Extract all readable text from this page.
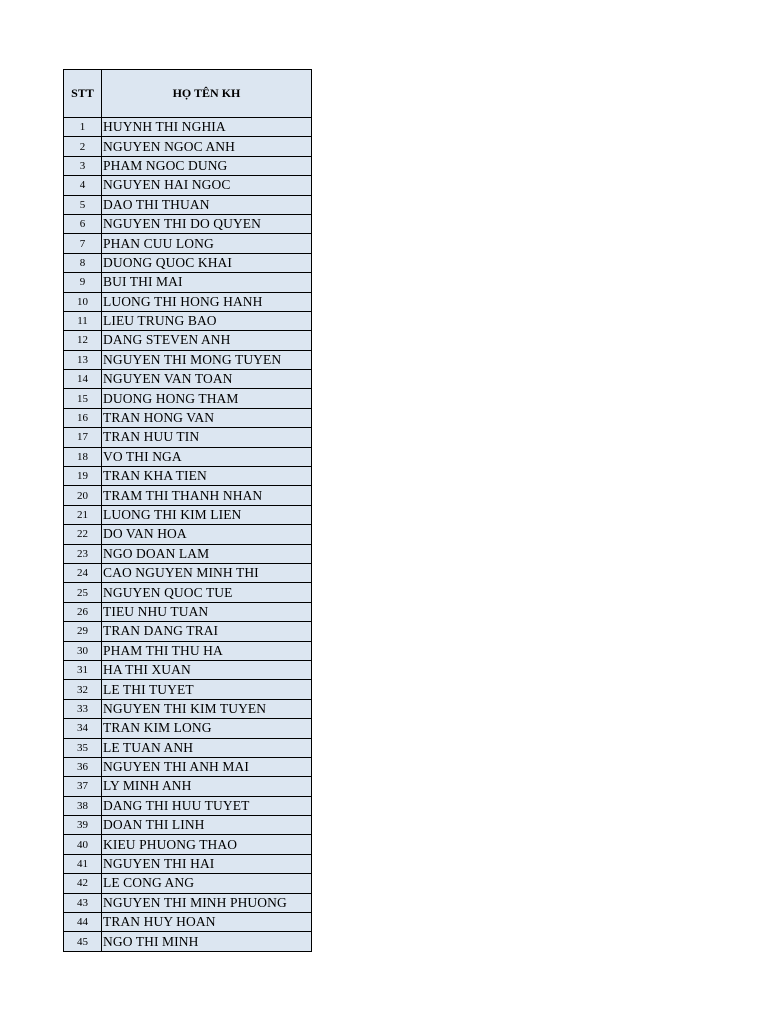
STT	HỌ TÊN KH
1	HUYNH THI NGHIA
2	NGUYEN NGOC ANH
3	PHAM NGOC DUNG
4	NGUYEN HAI NGOC
5	DAO THI THUAN
6	NGUYEN THI DO QUYEN
7	PHAN CUU LONG
8	DUONG QUOC KHAI
9	BUI THI MAI
10	LUONG THI HONG HANH
11	LIEU TRUNG BAO
12	DANG STEVEN ANH
13	NGUYEN THI MONG TUYEN
14	NGUYEN VAN TOAN
15	DUONG HONG THAM
16	TRAN HONG VAN
17	TRAN HUU TIN
18	VO THI NGA
19	TRAN KHA TIEN
20	TRAM THI THANH NHAN
21	LUONG THI KIM LIEN
22	DO VAN HOA
23	NGO DOAN LAM
24	CAO NGUYEN MINH THI
25	NGUYEN QUOC TUE
26	TIEU NHU TUAN
29	TRAN DANG TRAI
30	PHAM THI THU HA
31	HA THI XUAN
32	LE THI TUYET
33	NGUYEN THI KIM TUYEN
34	TRAN KIM LONG
35	LE TUAN ANH
36	NGUYEN THI ANH MAI
37	LY MINH ANH
38	DANG THI HUU TUYET
39	DOAN THI LINH
40	KIEU PHUONG THAO
41	NGUYEN THI HAI
42	LE CONG ANG
43	NGUYEN THI MINH PHUONG
44	TRAN HUY HOAN
45	NGO THI MINH
